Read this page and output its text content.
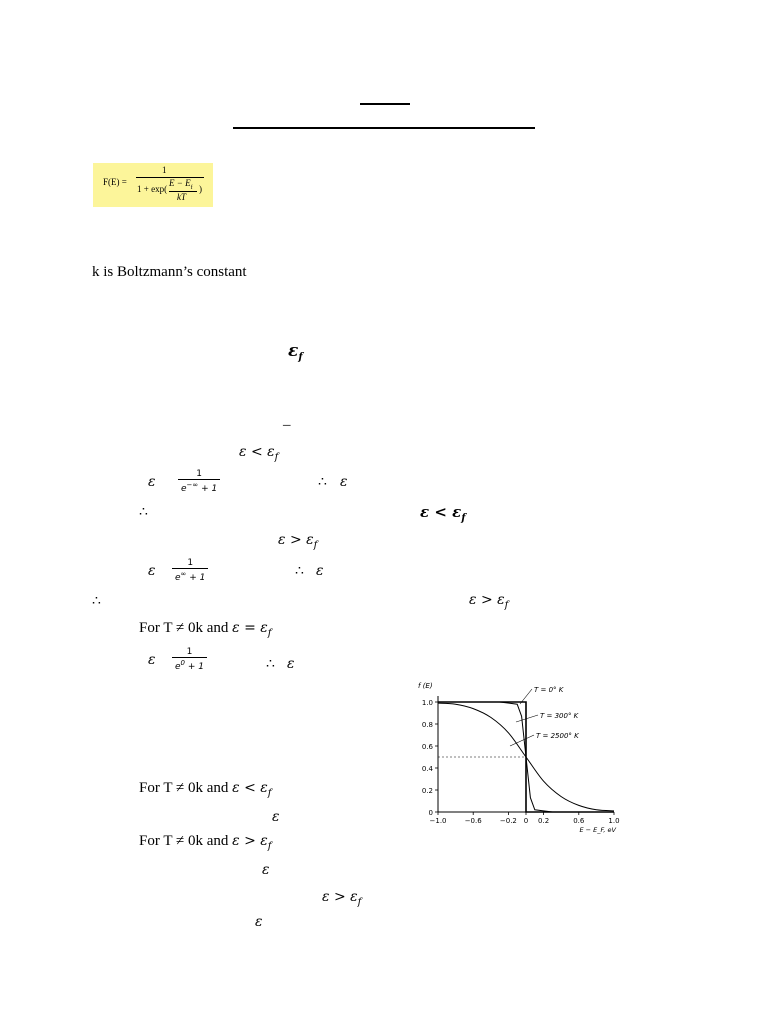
F(E) =
1
1 + exp(
$E - E_f$
kT
)
k is Boltzmann’s constant
$\varepsilon_f$
–
$\varepsilon < \varepsilon_f$
ε $\frac{1}{e^{-\infty} + 1}$	∴ ε
∴	$\varepsilon < \varepsilon_f$
$\varepsilon > \varepsilon_f$
ε $\frac{1}{e^\infty + 1}$	∴ ε
∴	$\varepsilon > \varepsilon_f$
For T ≠ 0k and $\varepsilon = \varepsilon_f$
ε $\frac{1}{e^0 + 1}$	∴ ε
For T ≠ 0k and $\varepsilon < \varepsilon_f$
ε
For T ≠ 0k and $\varepsilon > \varepsilon_f$
ε
$\varepsilon > \varepsilon_f$
ε
0
0.2
0.4
0.6
0.8
1.0
−1.0	−0.6	−0.2 0 0.2	0.6	1.0
T = 0° K
T = 300° K
T = 2500° K
f (E)
E − E_F, eV
